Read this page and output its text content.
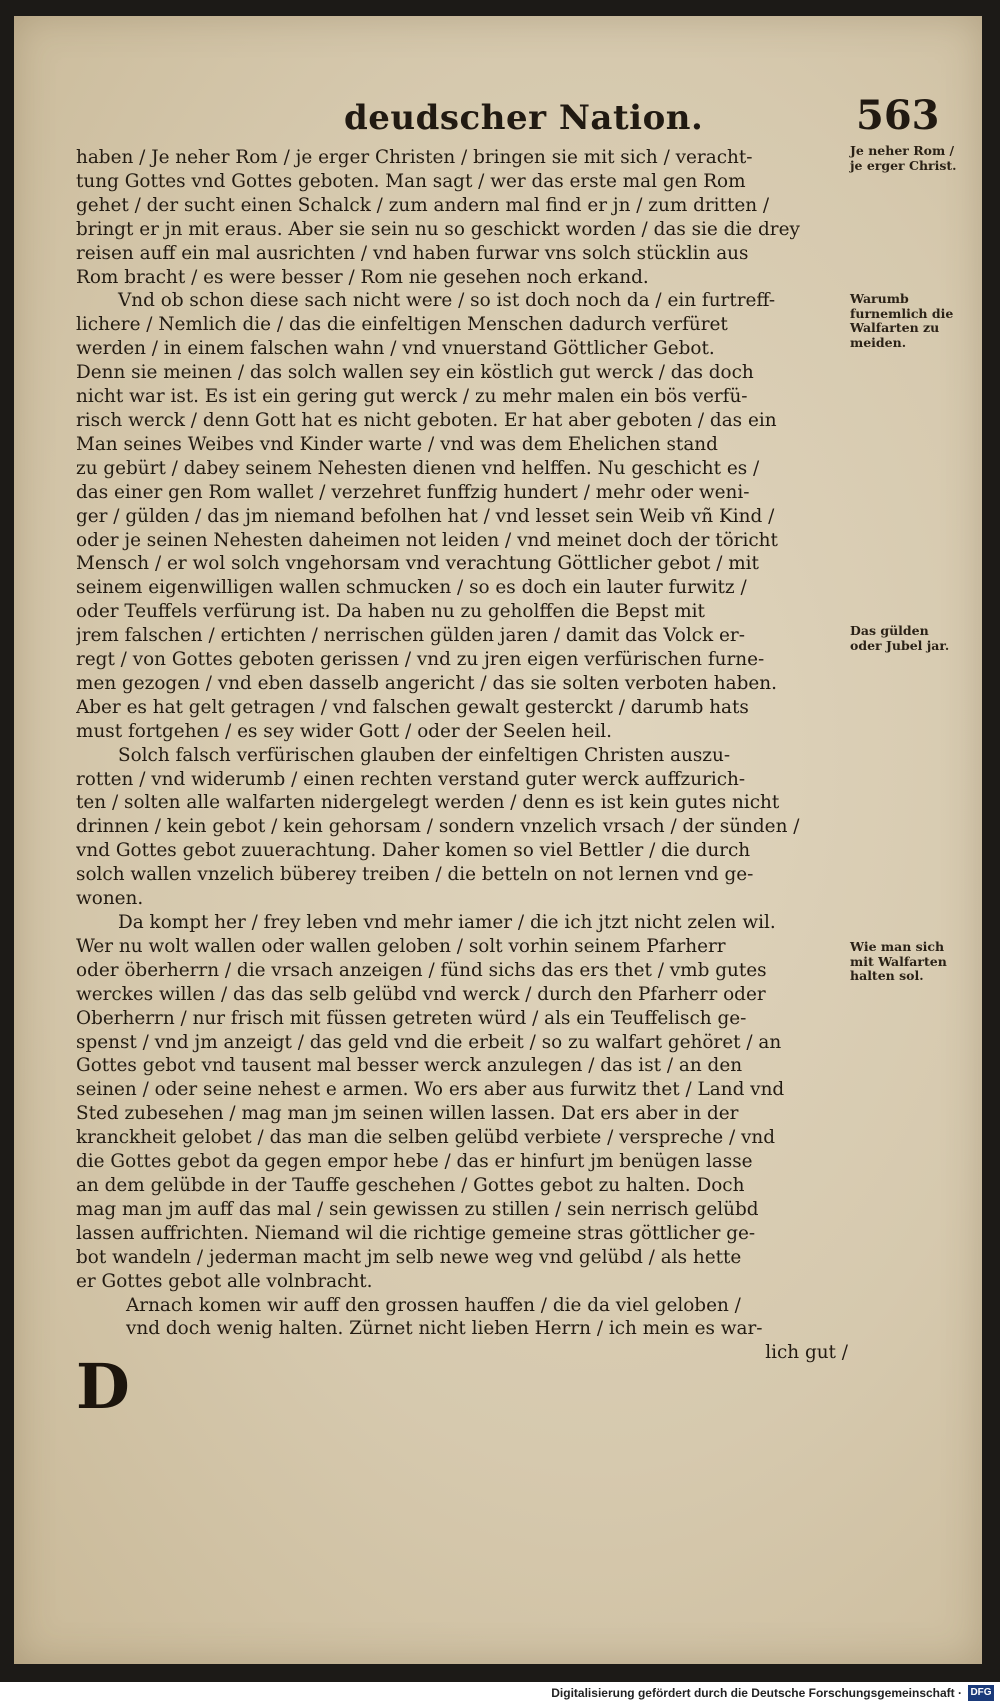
deudscher Nation.	563
haben / Je neher Rom / je erger Christen / bringen sie mit sich / veracht-
tung Gottes vnd Gottes geboten. Man sagt / wer das erste mal gen Rom
gehet / der sucht einen Schalck / zum andern mal find er jn / zum dritten /
bringt er jn mit eraus. Aber sie sein nu so geschickt worden / das sie die drey
reisen auff ein mal ausrichten / vnd haben furwar vns solch stücklin aus
Rom bracht / es were besser / Rom nie gesehen noch erkand.
Vnd ob schon diese sach nicht were / so ist doch noch da / ein furtreff-
lichere / Nemlich die / das die einfeltigen Menschen dadurch verfüret
werden / in einem falschen wahn / vnd vnuerstand Göttlicher Gebot.
Denn sie meinen / das solch wallen sey ein köstlich gut werck / das doch
nicht war ist. Es ist ein gering gut werck / zu mehr malen ein bös verfü-
risch werck / denn Gott hat es nicht geboten. Er hat aber geboten / das ein
Man seines Weibes vnd Kinder warte / vnd was dem Ehelichen stand
zu gebürt / dabey seinem Nehesten dienen vnd helffen. Nu geschicht es /
das einer gen Rom wallet / verzehret funffzig hundert / mehr oder weni-
ger / gülden / das jm niemand befolhen hat / vnd lesset sein Weib vñ Kind /
oder je seinen Nehesten daheimen not leiden / vnd meinet doch der töricht
Mensch / er wol solch vngehorsam vnd verachtung Göttlicher gebot / mit
seinem eigenwilligen wallen schmucken / so es doch ein lauter furwitz /
oder Teuffels verfürung ist. Da haben nu zu geholffen die Bepst mit
jrem falschen / ertichten / nerrischen gülden jaren / damit das Volck er-
regt / von Gottes geboten gerissen / vnd zu jren eigen verfürischen furne-
men gezogen / vnd eben dasselb angericht / das sie solten verboten haben.
Aber es hat gelt getragen / vnd falschen gewalt gesterckt / darumb hats
must fortgehen / es sey wider Gott / oder der Seelen heil.
Solch falsch verfürischen glauben der einfeltigen Christen auszu-
rotten / vnd widerumb / einen rechten verstand guter werck auffzurich-
ten / solten alle walfarten nidergelegt werden / denn es ist kein gutes nicht
drinnen / kein gebot / kein gehorsam / sondern vnzelich vrsach / der sünden /
vnd Gottes gebot zuuerachtung. Daher komen so viel Bettler / die durch
solch wallen vnzelich büberey treiben / die betteln on not lernen vnd ge-
wonen.
Da kompt her / frey leben vnd mehr iamer / die ich jtzt nicht zelen wil.
Wer nu wolt wallen oder wallen geloben / solt vorhin seinem Pfarherr
oder öberherrn / die vrsach anzeigen / fünd sichs das ers thet / vmb gutes
werckes willen / das das selb gelübd vnd werck / durch den Pfarherr oder
Oberherrn / nur frisch mit füssen getreten würd / als ein Teuffelisch ge-
spenst / vnd jm anzeigt / das geld vnd die erbeit / so zu walfart gehöret / an
Gottes gebot vnd tausent mal besser werck anzulegen / das ist / an den
seinen / oder seine nehest e armen. Wo ers aber aus furwitz thet / Land vnd
Sted zubesehen / mag man jm seinen willen lassen. Dat ers aber in der
kranckheit gelobet / das man die selben gelübd verbiete / verspreche / vnd
die Gottes gebot da gegen empor hebe / das er hinfurt jm benügen lasse
an dem gelübde in der Tauffe geschehen / Gottes gebot zu halten. Doch
mag man jm auff das mal / sein gewissen zu stillen / sein nerrisch gelübd
lassen auffrichten. Niemand wil die richtige gemeine stras göttlicher ge-
bot wandeln / jederman macht jm selb newe weg vnd gelübd / als hette
er Gottes gebot alle volnbracht.
Arnach komen wir auff den grossen hauffen / die da viel geloben /
vnd doch wenig halten. Zürnet nicht lieben Herrn / ich mein es war-
lich gut /
D
Je neher Rom / je erger Christ.
Warumb furnemlich die Walfarten zu meiden.
Das gülden oder Jubel jar.
Wie man sich mit Walfarten halten sol.
Digitalisierung gefördert durch die Deutsche Forschungsgemeinschaft · DFG
